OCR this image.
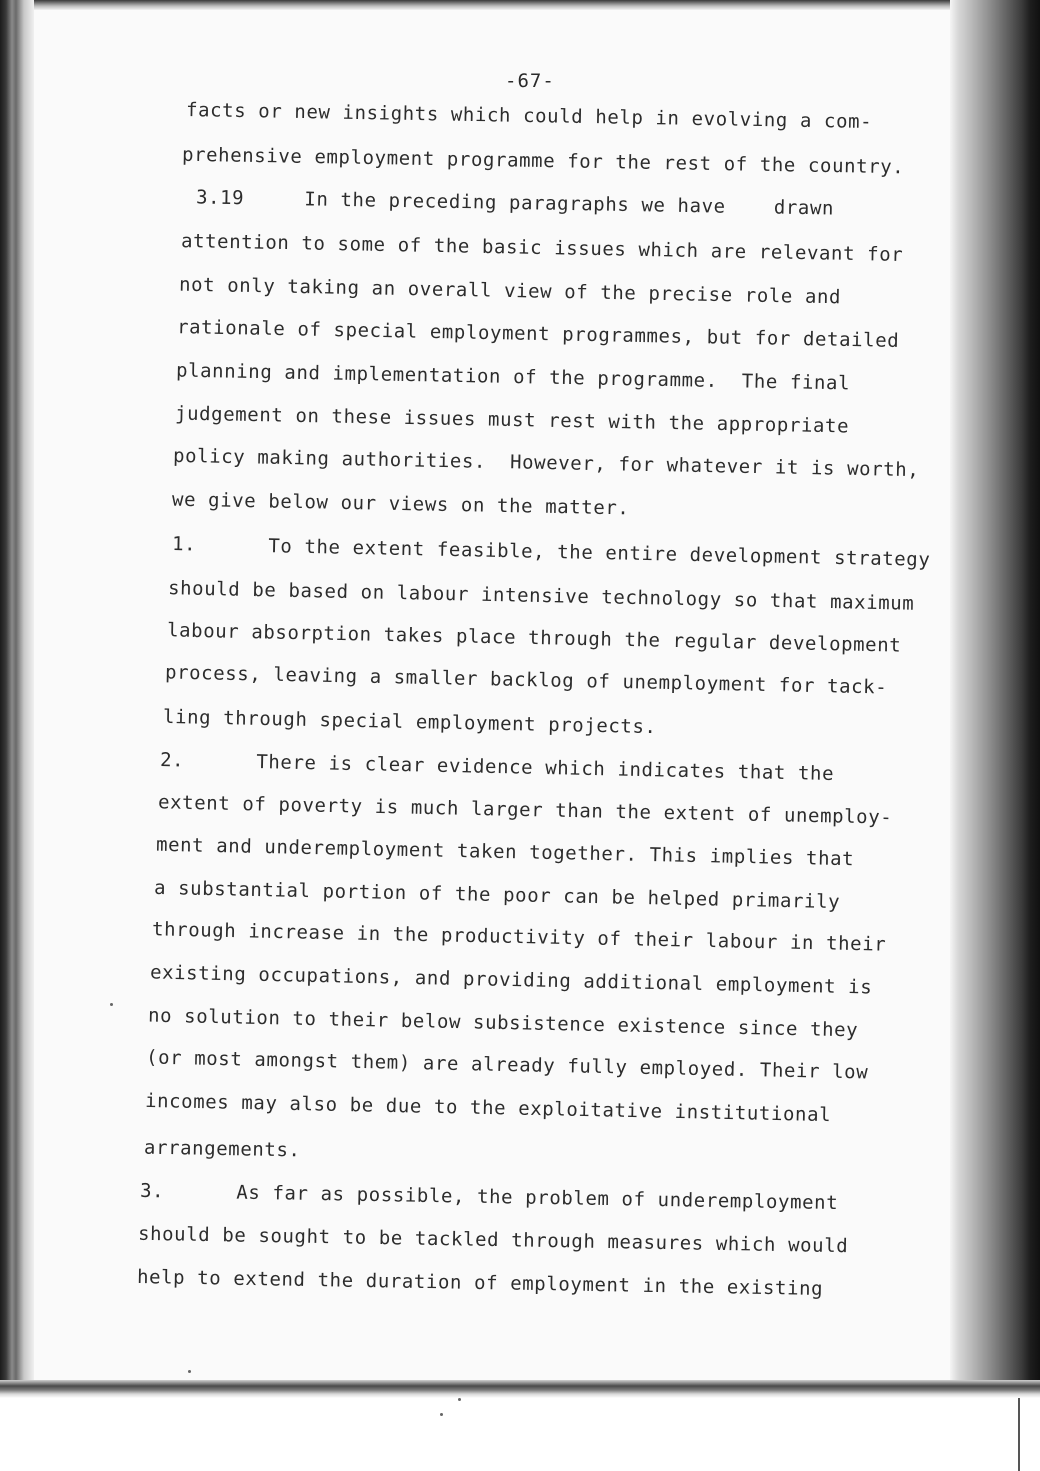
-67-
facts or new insights which could help in evolving a com-
prehensive employment programme for the rest of the country.
3.19     In the preceding paragraphs we have    drawn
attention to some of the basic issues which are relevant for
not only taking an overall view of the precise role and
rationale of special employment programmes, but for detailed
planning and implementation of the programme.  The final
judgement on these issues must rest with the appropriate
policy making authorities.  However, for whatever it is worth,
we give below our views on the matter.
1.      To the extent feasible, the entire development strategy
should be based on labour intensive technology so that maximum
labour absorption takes place through the regular development
process, leaving a smaller backlog of unemployment for tack-
ling through special employment projects.
2.      There is clear evidence which indicates that the
extent of poverty is much larger than the extent of unemploy-
ment and underemployment taken together. This implies that
a substantial portion of the poor can be helped primarily
through increase in the productivity of their labour in their
existing occupations, and providing additional employment is
no solution to their below subsistence existence since they
(or most amongst them) are already fully employed. Their low
incomes may also be due to the exploitative institutional
arrangements.
3.      As far as possible, the problem of underemployment
should be sought to be tackled through measures which would
help to extend the duration of employment in the existing
